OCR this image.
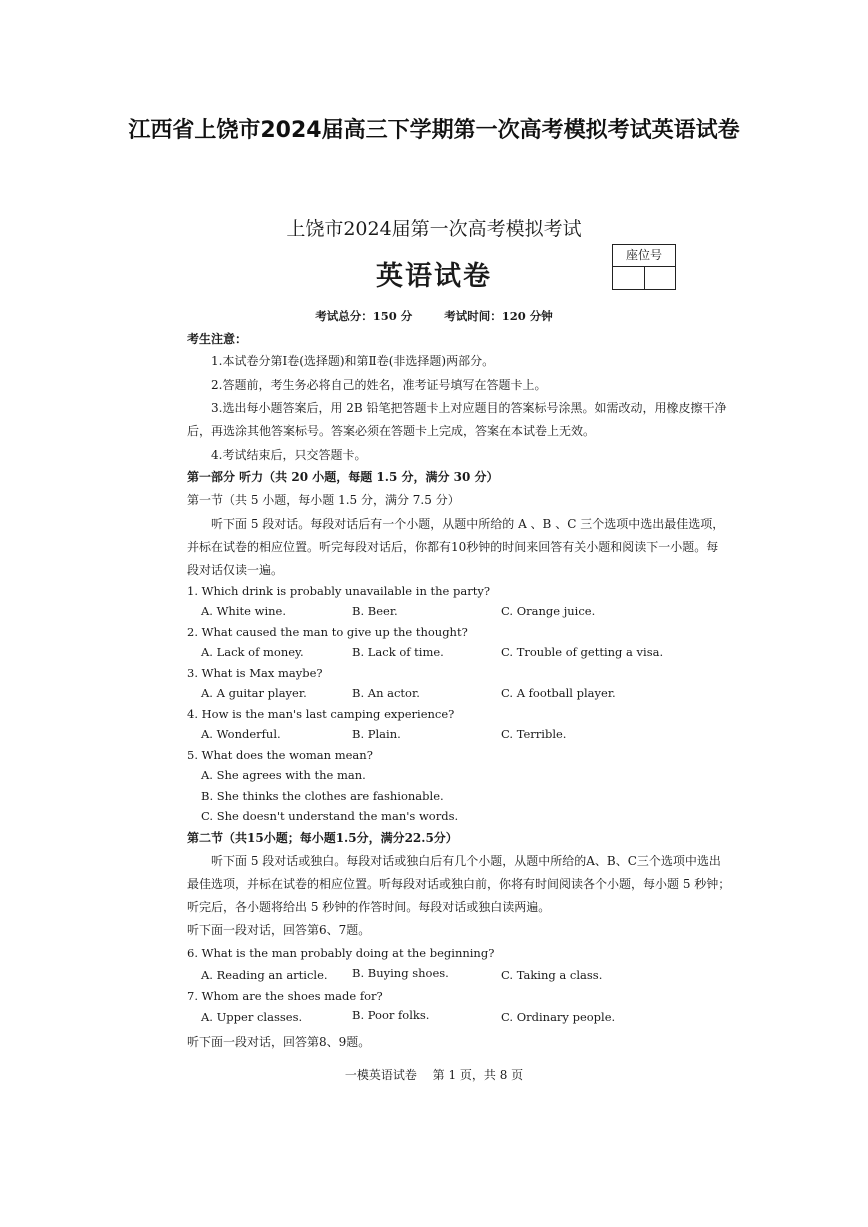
江西省上饶市2024届高三下学期第一次高考模拟考试英语试卷
上饶市2024届第一次高考模拟考试
英语试卷
座位号
考试总分：150 分	考试时间：120 分钟
考生注意：
1.本试卷分第Ⅰ卷(选择题)和第Ⅱ卷(非选择题)两部分。
2.答题前，考生务必将自己的姓名，准考证号填写在答题卡上。
3.选出每小题答案后，用 2B 铅笔把答题卡上对应题目的答案标号涂黑。如需改动，用橡皮擦干净
后，再选涂其他答案标号。答案必须在答题卡上完成，答案在本试卷上无效。
4.考试结束后，只交答题卡。
第一部分 听力（共 20 小题，每题 1.5 分，满分 30 分）
第一节（共 5 小题，每小题 1.5 分，满分 7.5 分）
听下面 5 段对话。每段对话后有一个小题，从题中所给的 A 、B 、C 三个选项中选出最佳选项，
并标在试卷的相应位置。听完每段对话后，你都有10秒钟的时间来回答有关小题和阅读下一小题。每
段对话仅读一遍。
1. Which drink is probably unavailable in the party?
A. White wine.	B. Beer.	C. Orange juice.
2. What caused the man to give up the thought?
A. Lack of money.	B. Lack of time.	C. Trouble of getting a visa.
3. What is Max maybe?
A. A guitar player.	B. An actor.	C. A football player.
4. How is the man's last camping experience?
A. Wonderful.	B. Plain.	C. Terrible.
5. What does the woman mean?
A. She agrees with the man.
B. She thinks the clothes are fashionable.
C. She doesn't understand the man's words.
第二节（共15小题；每小题1.5分，满分22.5分）
听下面 5 段对话或独白。每段对话或独白后有几个小题，从题中所给的A、B、C三个选项中选出
最佳选项，并标在试卷的相应位置。听每段对话或独白前，你将有时间阅读各个小题，每小题 5 秒钟；
听完后，各小题将给出 5 秒钟的作答时间。每段对话或独白读两遍。
听下面一段对话，回答第6、7题。
6. What is the man probably doing at the beginning?
A. Reading an article. B. Buying shoes.	C. Taking a class.
7. Whom are the shoes made for?
A. Upper classes.	B. Poor folks.	C. Ordinary people.
听下面一段对话，回答第8、9题。
一模英语试卷 第 1 页，共 8 页
